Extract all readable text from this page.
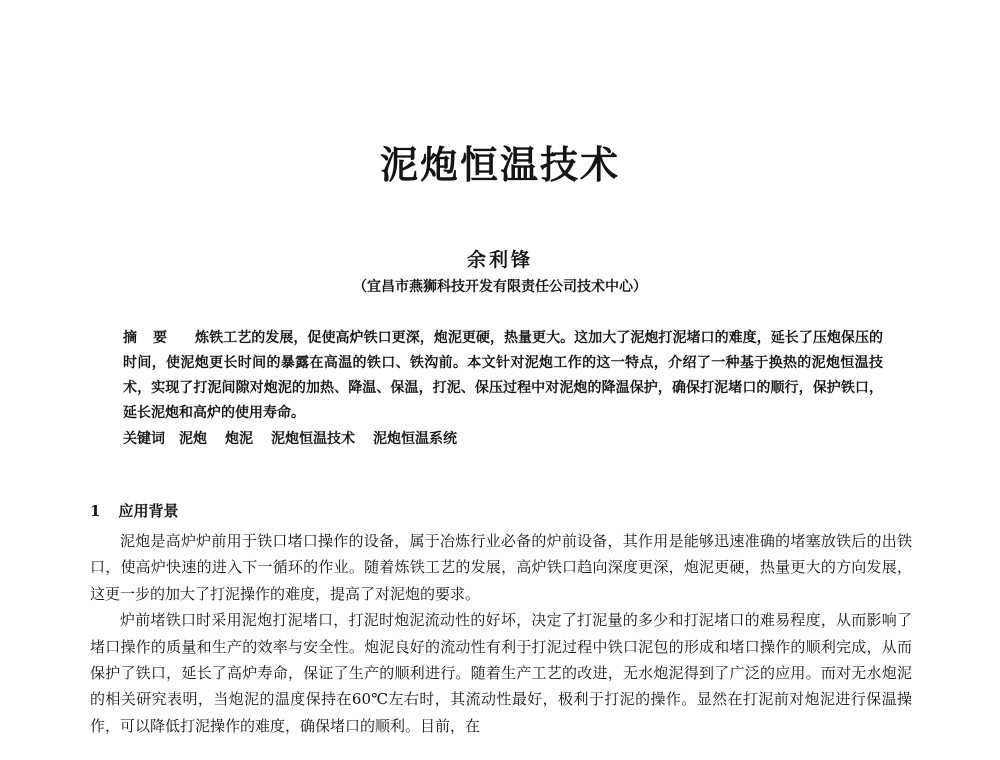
泥炮恒温技术
余利锋
（宜昌市燕狮科技开发有限责任公司技术中心）

摘要 炼铁工艺的发展，促使高炉铁口更深，炮泥更硬，热量更大。这加大了泥炮打泥堵口的难度，延长了压炮保压的时间，使泥炮更长时间的暴露在高温的铁口、铁沟前。本文针对泥炮工作的这一特点，介绍了一种基于换热的泥炮恒温技术，实现了打泥间隙对炮泥的加热、降温、保温，打泥、保压过程中对泥炮的降温保护，确保打泥堵口的顺行，保护铁口，延长泥炮和高炉的使用寿命。

关键词 泥炮 炮泥 泥炮恒温技术 泥炮恒温系统

1 应用背景

泥炮是高炉炉前用于铁口堵口操作的设备，属于冶炼行业必备的炉前设备，其作用是能够迅速准确的堵塞放铁后的出铁口，使高炉快速的进入下一循环的作业。随着炼铁工艺的发展，高炉铁口趋向深度更深，炮泥更硬，热量更大的方向发展，这更一步的加大了打泥操作的难度，提高了对泥炮的要求。

炉前堵铁口时采用泥炮打泥堵口，打泥时炮泥流动性的好坏，决定了打泥量的多少和打泥堵口的难易程度，从而影响了堵口操作的质量和生产的效率与安全性。炮泥良好的流动性有利于打泥过程中铁口泥包的形成和堵口操作的顺利完成，从而保护了铁口，延长了高炉寿命，保证了生产的顺利进行。随着生产工艺的改进，无水炮泥得到了广泛的应用。而对无水炮泥的相关研究表明，当炮泥的温度保持在60℃左右时，其流动性最好，极利于打泥的操作。显然在打泥前对炮泥进行保温操作，可以降低打泥操作的难度，确保堵口的顺利。目前，在
